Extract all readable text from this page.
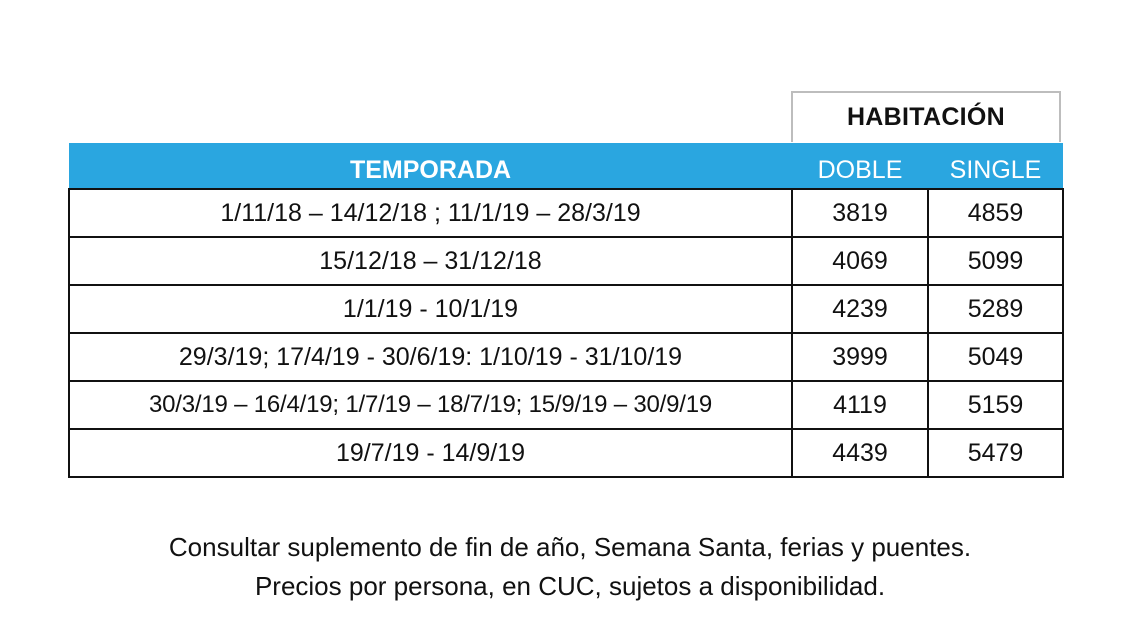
HABITACIÓN
TEMPORADA	DOBLE	SINGLE
1/11/18 – 14/12/18 ; 11/1/19 – 28/3/19	3819	4859
15/12/18 – 31/12/18	4069	5099
1/1/19 - 10/1/19	4239	5289
29/3/19; 17/4/19 - 30/6/19: 1/10/19 - 31/10/19	3999	5049
30/3/19 – 16/4/19; 1/7/19 – 18/7/19; 15/9/19 – 30/9/19	4119	5159
19/7/19 - 14/9/19	4439	5479
Consultar suplemento de fin de año, Semana Santa, ferias y puentes.
Precios por persona, en CUC, sujetos a disponibilidad.
